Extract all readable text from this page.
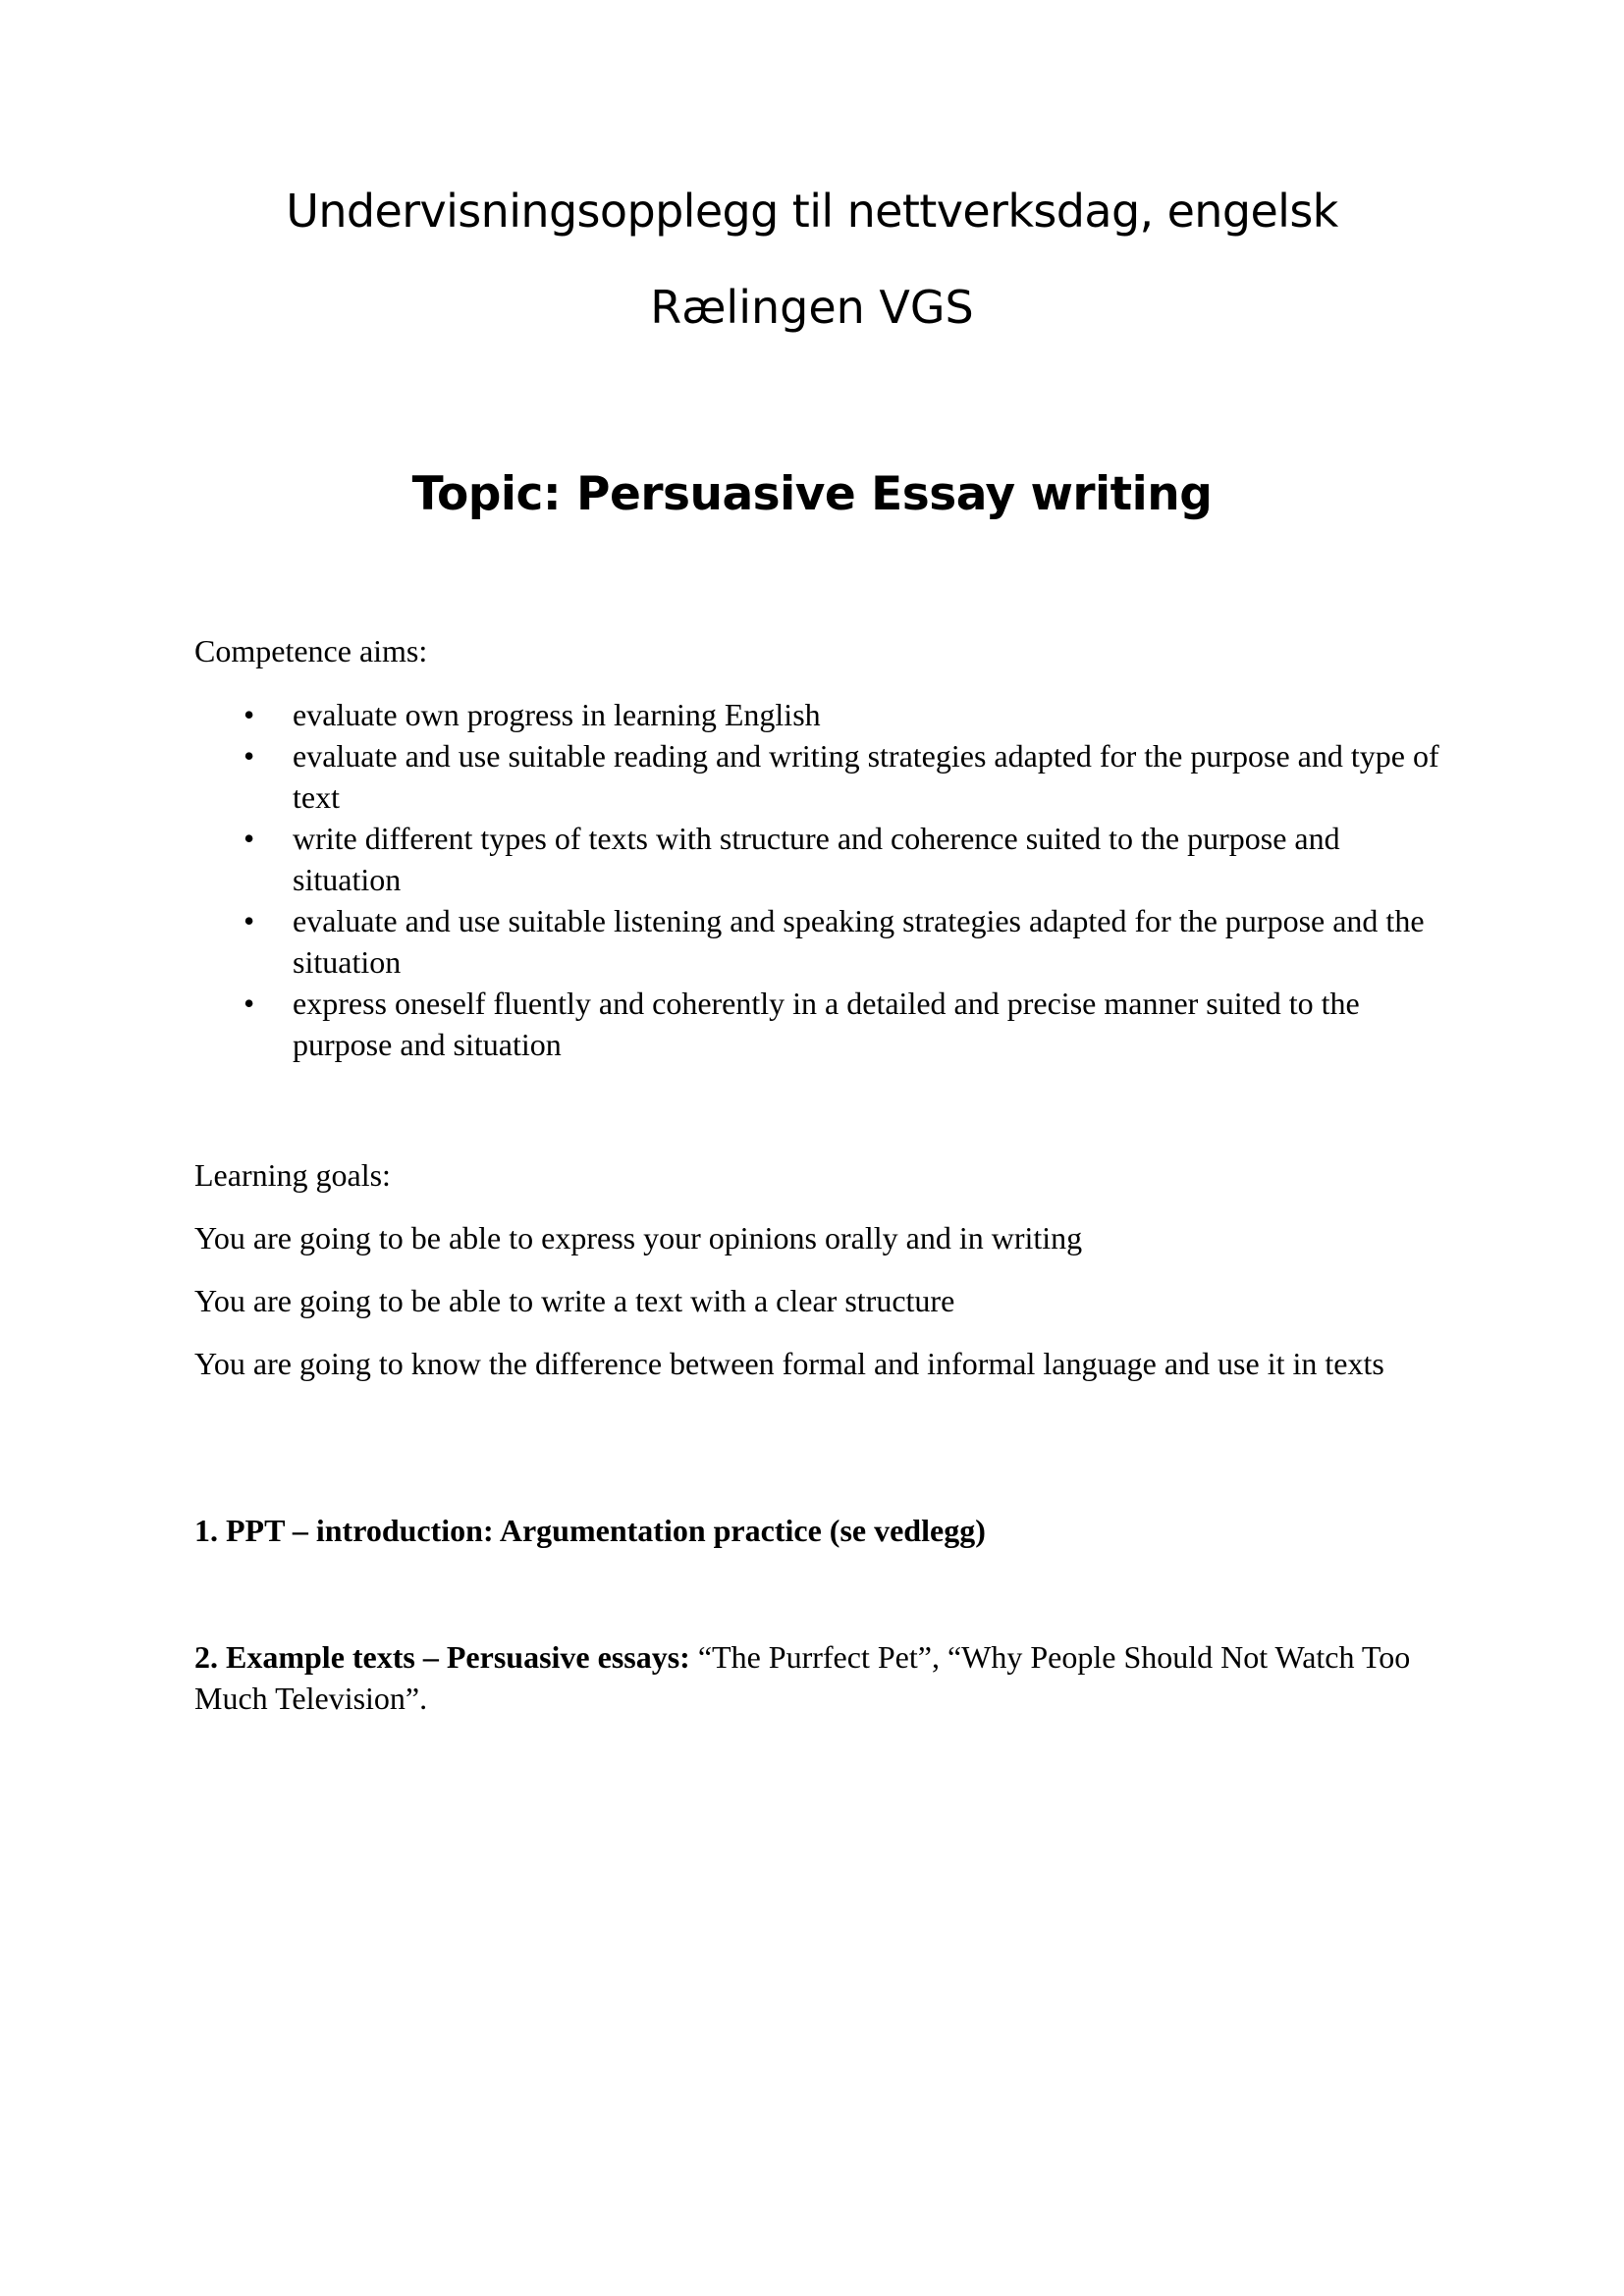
Undervisningsopplegg til nettverksdag, engelsk
Rælingen VGS
Topic: Persuasive Essay writing

Competence aims:

• evaluate own progress in learning English
• evaluate and use suitable reading and writing strategies adapted for the purpose and type of text
• write different types of texts with structure and coherence suited to the purpose and situation
• evaluate and use suitable listening and speaking strategies adapted for the purpose and the situation
• express oneself fluently and coherently in a detailed and precise manner suited to the purpose and situation

Learning goals:

You are going to be able to express your opinions orally and in writing

You are going to be able to write a text with a clear structure

You are going to know the difference between formal and informal language and use it in texts

1. PPT – introduction: Argumentation practice (se vedlegg)

2. Example texts – Persuasive essays: “The Purrfect Pet”, “Why People Should Not Watch Too Much Television”.
